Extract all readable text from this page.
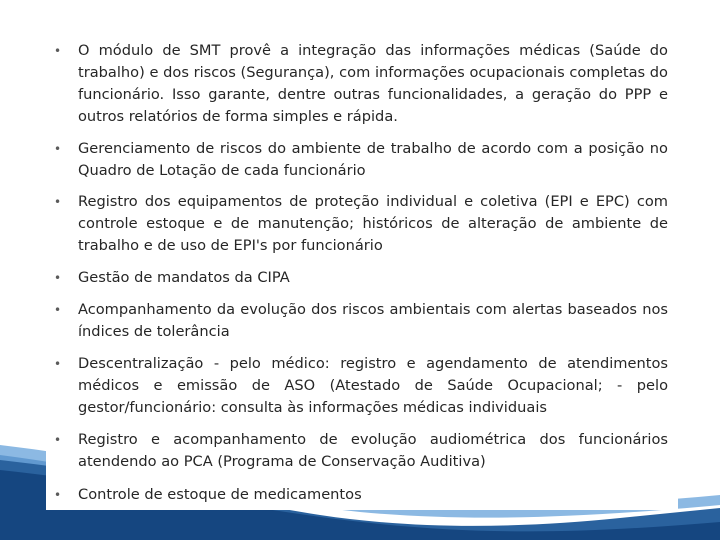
•	O módulo de SMT provê a integração das informações médicas (Saúde do trabalho) e dos riscos (Segurança), com informações ocupacionais completas do funcionário. Isso garante, dentre outras funcionalidades, a geração do PPP e outros relatórios de forma simples e rápida.
•	Gerenciamento de riscos do ambiente de trabalho de acordo com a posição no Quadro de Lotação de cada funcionário
•	Registro dos equipamentos de proteção individual e coletiva (EPI e EPC) com controle estoque e de manutenção; históricos de alteração de ambiente de trabalho e de uso de EPI's por funcionário
•	Gestão de mandatos da CIPA
•	Acompanhamento da evolução dos riscos ambientais com alertas baseados nos índices de tolerância
•	Descentralização - pelo médico: registro e agendamento de atendimentos médicos e emissão de ASO (Atestado de Saúde Ocupacional; - pelo gestor/funcionário: consulta às informações médicas individuais
•	Registro e acompanhamento de evolução audiométrica dos funcionários atendendo ao PCA (Programa de Conservação Auditiva)
•	Controle de estoque de medicamentos
